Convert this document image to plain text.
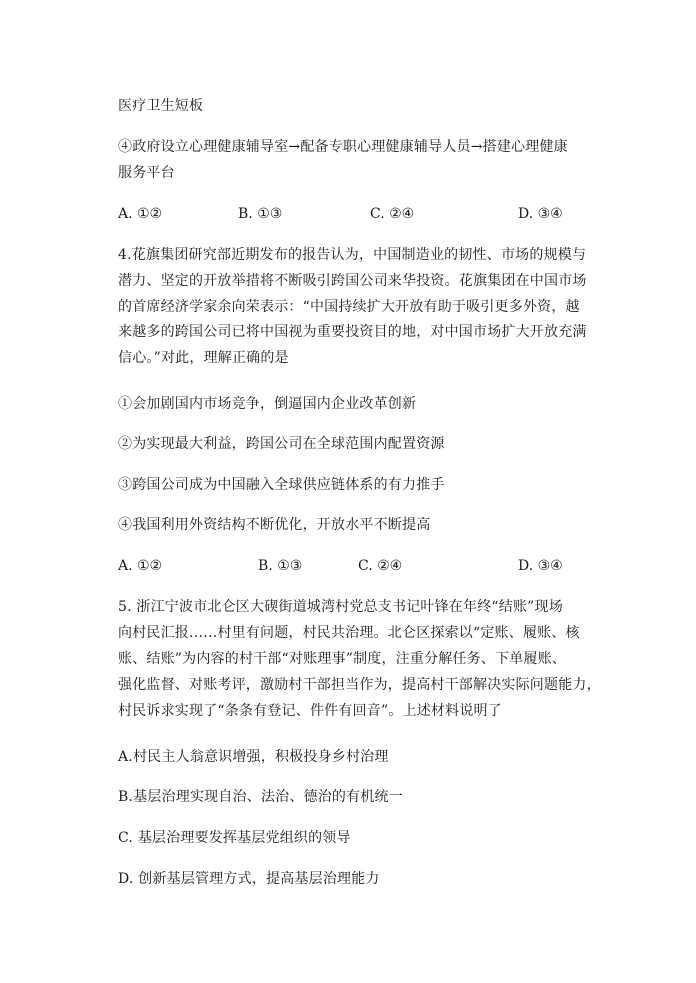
医疗卫生短板
④政府设立心理健康辅导室→配备专职心理健康辅导人员→搭建心理健康
服务平台
A. ①②	B. ①③	C. ②④	D. ③④
4.花旗集团研究部近期发布的报告认为，中国制造业的韧性、市场的规模与
潜力、坚定的开放举措将不断吸引跨国公司来华投资。花旗集团在中国市场
的首席经济学家余向荣表示：“中国持续扩大开放有助于吸引更多外资，越
来越多的跨国公司已将中国视为重要投资目的地，对中国市场扩大开放充满
信心。”对此，理解正确的是
①会加剧国内市场竞争，倒逼国内企业改革创新
②为实现最大利益，跨国公司在全球范围内配置资源
③跨国公司成为中国融入全球供应链体系的有力推手
④我国利用外资结构不断优化，开放水平不断提高
A. ①②	B. ①③	C. ②④	D. ③④
5. 浙江宁波市北仑区大碶街道城湾村党总支书记叶锋在年终“结账”现场
向村民汇报……村里有问题，村民共治理。北仑区探索以“定账、履账、核
账、结账”为内容的村干部“对账理事”制度，注重分解任务、下单履账、
强化监督、对账考评，激励村干部担当作为，提高村干部解决实际问题能力，
村民诉求实现了“条条有登记、件件有回音”。上述材料说明了
A.村民主人翁意识增强，积极投身乡村治理
B.基层治理实现自治、法治、德治的有机统一
C. 基层治理要发挥基层党组织的领导
D. 创新基层管理方式，提高基层治理能力
